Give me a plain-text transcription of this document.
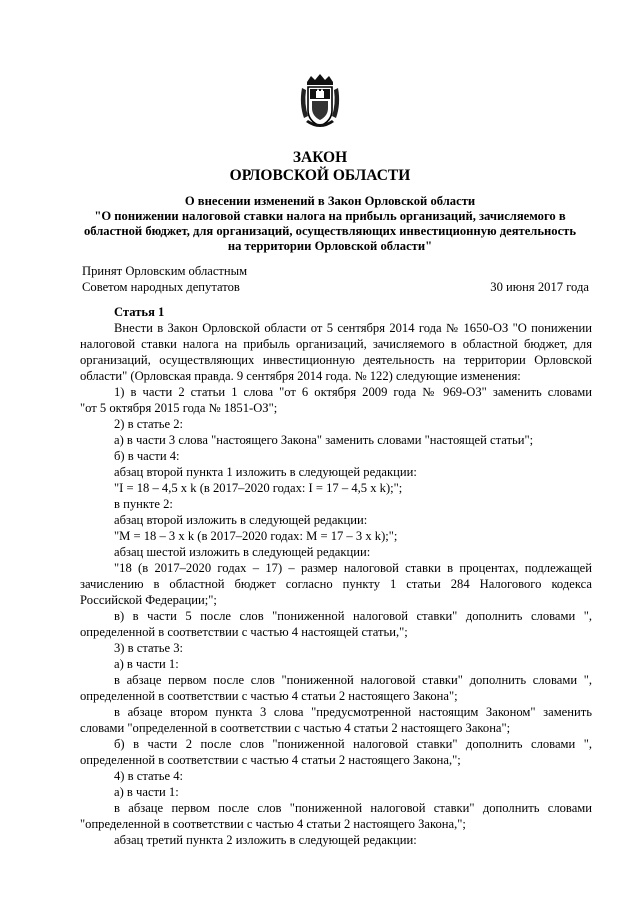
ЗАКОН
ОРЛОВСКОЙ ОБЛАСТИ
О внесении изменений в Закон Орловской области
"О понижении налоговой ставки налога на прибыль организаций, зачисляемого в
областной бюджет, для организаций, осуществляющих инвестиционную деятельность
на территории Орловской области"
Принят Орловским областным
Советом народных депутатов	30 июня 2017 года
Статья 1
Внести в Закон Орловской области от 5 сентября 2014 года № 1650-ОЗ "О понижении
налоговой ставки налога на прибыль организаций, зачисляемого в областной бюджет, для
организаций, осуществляющих инвестиционную деятельность на территории Орловской
области" (Орловская правда. 9 сентября 2014 года. № 122) следующие изменения:
1) в части 2 статьи 1 слова "от 6 октября 2009 года № 969-ОЗ" заменить словами
"от 5 октября 2015 года № 1851-ОЗ";
2) в статье 2:
а) в части 3 слова "настоящего Закона" заменить словами "настоящей статьи";
б) в части 4:
абзац второй пункта 1 изложить в следующей редакции:
"I = 18 – 4,5 x k (в 2017–2020 годах: I = 17 – 4,5 x k);";
в пункте 2:
абзац второй изложить в следующей редакции:
"M = 18 – 3 x k (в 2017–2020 годах: M = 17 – 3 x k);";
абзац шестой изложить в следующей редакции:
"18 (в 2017–2020 годах – 17) – размер налоговой ставки в процентах, подлежащей
зачислению в областной бюджет согласно пункту 1 статьи 284 Налогового кодекса
Российской Федерации;";
в) в части 5 после слов "пониженной налоговой ставки" дополнить словами ",
определенной в соответствии с частью 4 настоящей статьи,";
3) в статье 3:
а) в части 1:
в абзаце первом после слов "пониженной налоговой ставки" дополнить словами ",
определенной в соответствии с частью 4 статьи 2 настоящего Закона";
в абзаце втором пункта 3 слова "предусмотренной настоящим Законом" заменить
словами "определенной в соответствии с частью 4 статьи 2 настоящего Закона";
б) в части 2 после слов "пониженной налоговой ставки" дополнить словами ",
определенной в соответствии с частью 4 статьи 2 настоящего Закона,";
4) в статье 4:
а) в части 1:
в абзаце первом после слов "пониженной налоговой ставки" дополнить словами
"определенной в соответствии с частью 4 статьи 2 настоящего Закона,";
абзац третий пункта 2 изложить в следующей редакции:
